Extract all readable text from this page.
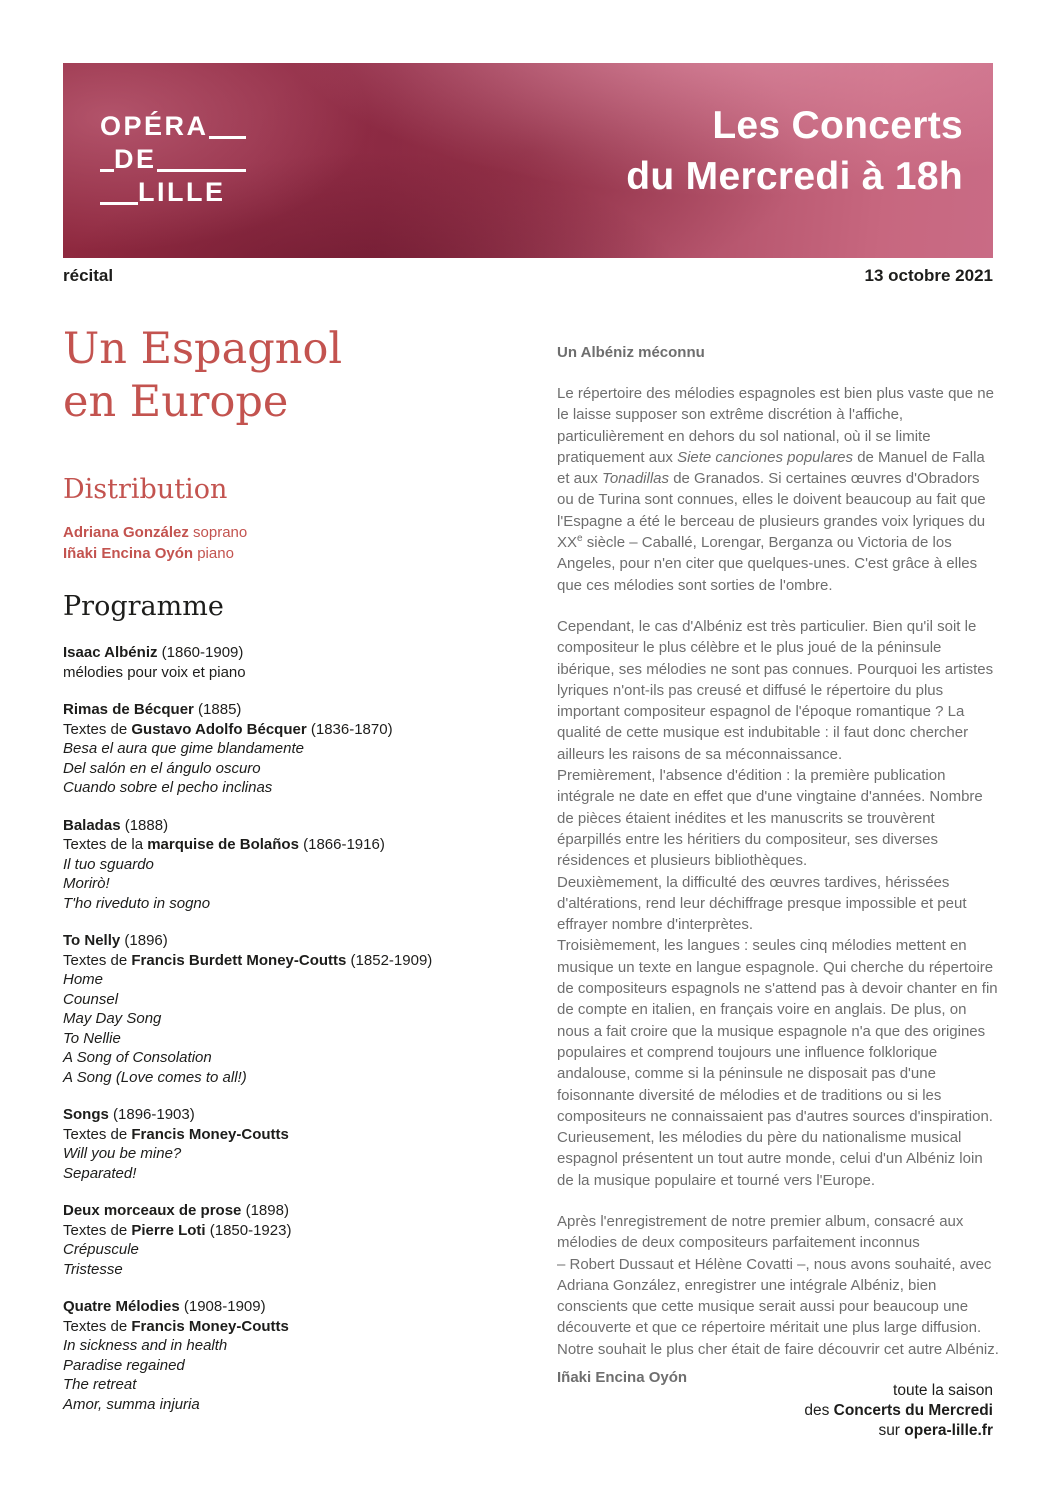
OPÉRA
DE
LILLE
Les Concerts
du Mercredi à 18h
récital	13 octobre 2021
Un Espagnol
en Europe
Distribution
Adriana González soprano
Iñaki Encina Oyón piano
Programme
Isaac Albéniz (1860-1909)
mélodies pour voix et piano
Rimas de Bécquer (1885)
Textes de Gustavo Adolfo Bécquer (1836-1870)
Besa el aura que gime blandamente
Del salón en el ángulo oscuro
Cuando sobre el pecho inclinas
Baladas (1888)
Textes de la marquise de Bolaños (1866-1916)
Il tuo sguardo
Morirò!
T'ho riveduto in sogno
To Nelly (1896)
Textes de Francis Burdett Money-Coutts (1852-1909)
Home
Counsel
May Day Song
To Nellie
A Song of Consolation
A Song (Love comes to all!)
Songs (1896-1903)
Textes de Francis Money-Coutts
Will you be mine?
Separated!
Deux morceaux de prose (1898)
Textes de Pierre Loti (1850-1923)
Crépuscule
Tristesse
Quatre Mélodies (1908-1909)
Textes de Francis Money-Coutts
In sickness and in health
Paradise regained
The retreat
Amor, summa injuria
Un Albéniz méconnu

Le répertoire des mélodies espagnoles est bien plus vaste que ne le laisse supposer son extrême discrétion à l'affiche, particulièrement en dehors du sol national, où il se limite pratiquement aux Siete canciones populares de Manuel de Falla et aux Tonadillas de Granados. Si certaines œuvres d'Obradors ou de Turina sont connues, elles le doivent beaucoup au fait que l'Espagne a été le berceau de plusieurs grandes voix lyriques du XXe siècle – Caballé, Lorengar, Berganza ou Victoria de los Angeles, pour n'en citer que quelques-unes. C'est grâce à elles que ces mélodies sont sorties de l'ombre.

Cependant, le cas d'Albéniz est très particulier. Bien qu'il soit le compositeur le plus célèbre et le plus joué de la péninsule ibérique, ses mélodies ne sont pas connues. Pourquoi les artistes lyriques n'ont-ils pas creusé et diffusé le répertoire du plus important compositeur espagnol de l'époque romantique ? La qualité de cette musique est indubitable : il faut donc chercher ailleurs les raisons de sa méconnaissance.
Premièrement, l'absence d'édition : la première publication intégrale ne date en effet que d'une vingtaine d'années. Nombre de pièces étaient inédites et les manuscrits se trouvèrent éparpillés entre les héritiers du compositeur, ses diverses résidences et plusieurs bibliothèques.
Deuxièmement, la difficulté des œuvres tardives, hérissées d'altérations, rend leur déchiffrage presque impossible et peut effrayer nombre d'interprètes.
Troisièmement, les langues : seules cinq mélodies mettent en musique un texte en langue espagnole. Qui cherche du répertoire de compositeurs espagnols ne s'attend pas à devoir chanter en fin de compte en italien, en français voire en anglais. De plus, on nous a fait croire que la musique espagnole n'a que des origines populaires et comprend toujours une influence folklorique andalouse, comme si la péninsule ne disposait pas d'une foisonnante diversité de mélodies et de traditions ou si les compositeurs ne connaissaient pas d'autres sources d'inspiration.
Curieusement, les mélodies du père du nationalisme musical espagnol présentent un tout autre monde, celui d'un Albéniz loin de la musique populaire et tourné vers l'Europe.

Après l'enregistrement de notre premier album, consacré aux mélodies de deux compositeurs parfaitement inconnus
– Robert Dussaut et Hélène Covatti –, nous avons souhaité, avec Adriana González, enregistrer une intégrale Albéniz, bien conscients que cette musique serait aussi pour beaucoup une découverte et que ce répertoire méritait une plus large diffusion. Notre souhait le plus cher était de faire découvrir cet autre Albéniz.

Iñaki Encina Oyón

toute la saison
des Concerts du Mercredi
sur opera-lille.fr
